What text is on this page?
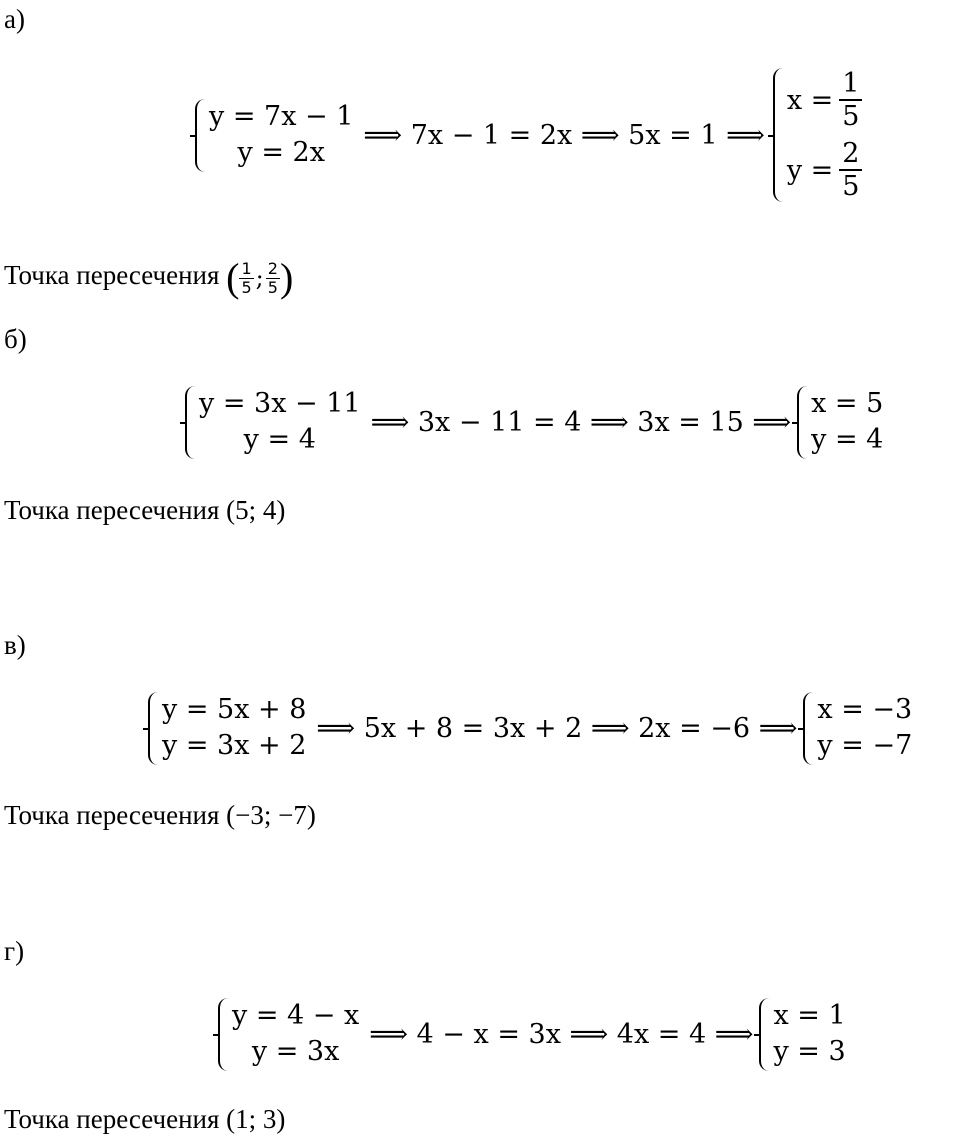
а)
y = 7x − 1
y = 2x
⟹ 7x − 1 = 2x ⟹ 5x = 1 ⟹
$x = \frac{1}{5}$
$y = \frac{2}{5}$
Точка пересечения ( $\frac{1}{5}$ ; $\frac{2}{5}$ )
б)
y = 3x − 11
y = 4
⟹ 3x − 11 = 4 ⟹ 3x = 15 ⟹
x = 5
y = 4
Точка пересечения (5; 4)
в)
y = 5x + 8
y = 3x + 2
⟹ 5x + 8 = 3x + 2 ⟹ 2x = −6 ⟹
x = −3
y = −7
Точка пересечения (−3; −7)
г)
y = 4 − x
y = 3x
⟹ 4 − x = 3x ⟹ 4x = 4 ⟹
x = 1
y = 3
Точка пересечения (1; 3)
